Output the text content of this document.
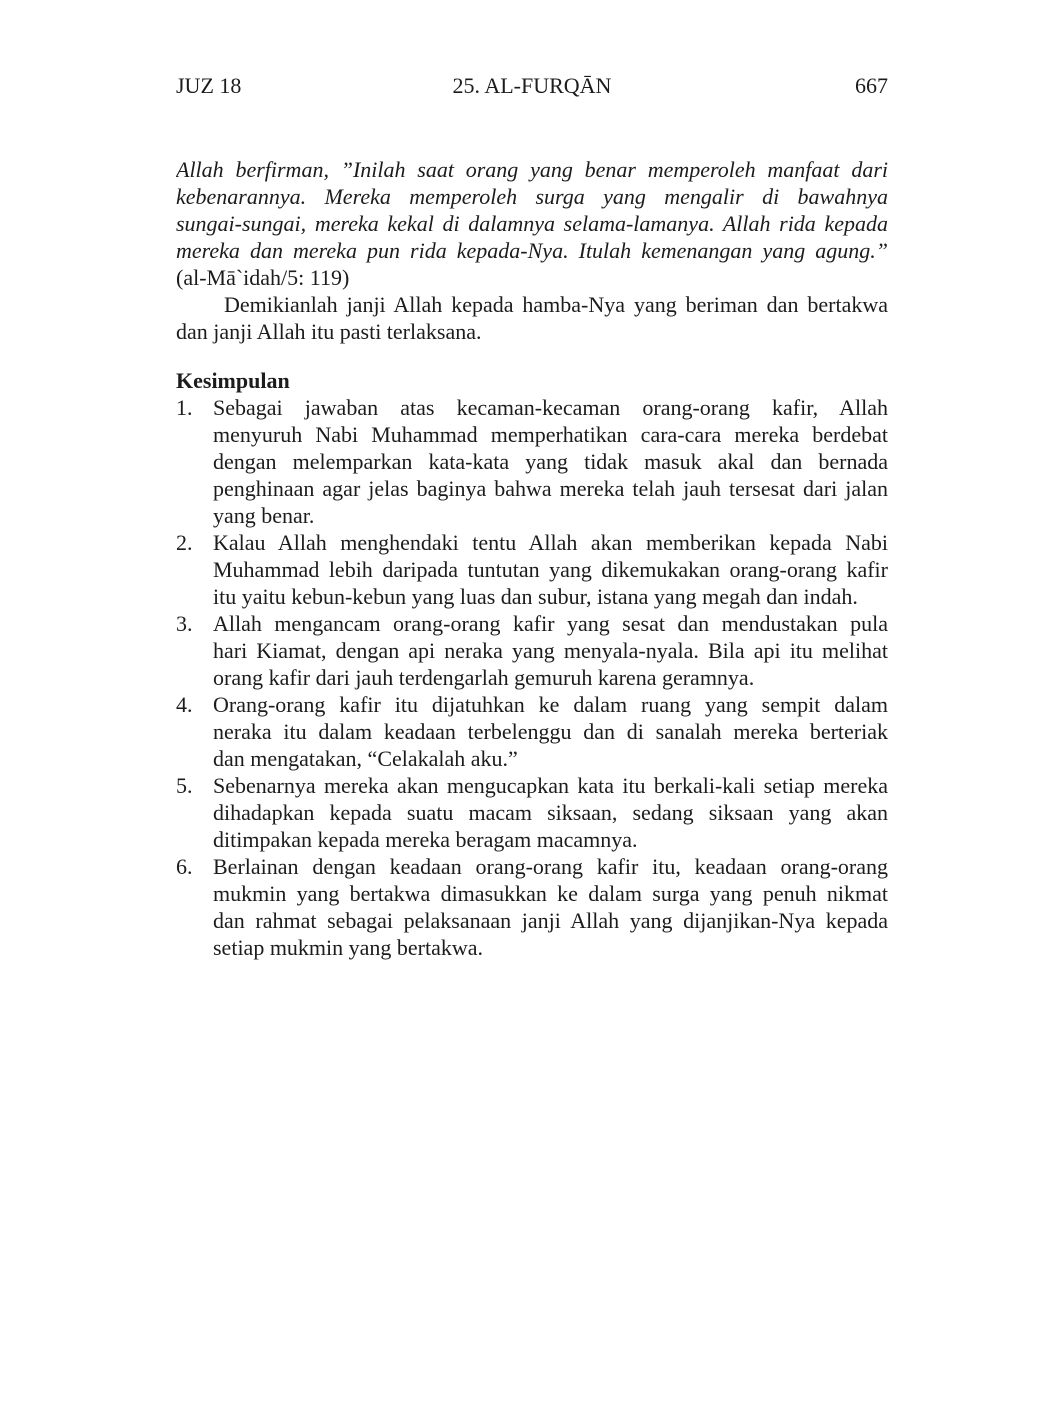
JUZ 18	25. AL-FURQĀN	667
Allah berfirman, ”Inilah saat orang yang benar memperoleh manfaat dari
kebenarannya. Mereka memperoleh surga yang mengalir di bawahnya
sungai-sungai, mereka kekal di dalamnya selama-lamanya. Allah rida kepada
mereka dan mereka pun rida kepada-Nya. Itulah kemenangan yang agung.”
(al-Mā`idah/5: 119)
Demikianlah janji Allah kepada hamba-Nya yang beriman dan bertakwa
dan janji Allah itu pasti terlaksana.
Kesimpulan
1. Sebagai jawaban atas kecaman-kecaman orang-orang kafir, Allah
menyuruh Nabi Muhammad memperhatikan cara-cara mereka berdebat
dengan melemparkan kata-kata yang tidak masuk akal dan bernada
penghinaan agar jelas baginya bahwa mereka telah jauh tersesat dari jalan
yang benar.
2. Kalau Allah menghendaki tentu Allah akan memberikan kepada Nabi
Muhammad lebih daripada tuntutan yang dikemukakan orang-orang kafir
itu yaitu kebun-kebun yang luas dan subur, istana yang megah dan indah.
3. Allah mengancam orang-orang kafir yang sesat dan mendustakan pula
hari Kiamat, dengan api neraka yang menyala-nyala. Bila api itu melihat
orang kafir dari jauh terdengarlah gemuruh karena geramnya.
4. Orang-orang kafir itu dijatuhkan ke dalam ruang yang sempit dalam
neraka itu dalam keadaan terbelenggu dan di sanalah mereka berteriak
dan mengatakan, “Celakalah aku.”
5. Sebenarnya mereka akan mengucapkan kata itu berkali-kali setiap mereka
dihadapkan kepada suatu macam siksaan, sedang siksaan yang akan
ditimpakan kepada mereka beragam macamnya.
6. Berlainan dengan keadaan orang-orang kafir itu, keadaan orang-orang
mukmin yang bertakwa dimasukkan ke dalam surga yang penuh nikmat
dan rahmat sebagai pelaksanaan janji Allah yang dijanjikan-Nya kepada
setiap mukmin yang bertakwa.
